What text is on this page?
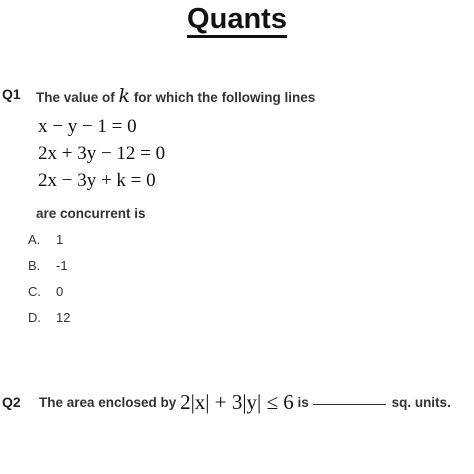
Quants
Q1 The value of k for which the following lines
x − y − 1 = 0
2x + 3y − 12 = 0
2x − 3y + k = 0
are concurrent is
A. 1
B. -1
C. 0
D. 12
Q2 The area enclosed by 2|x| + 3|y| ≤ 6 is	sq. units.
